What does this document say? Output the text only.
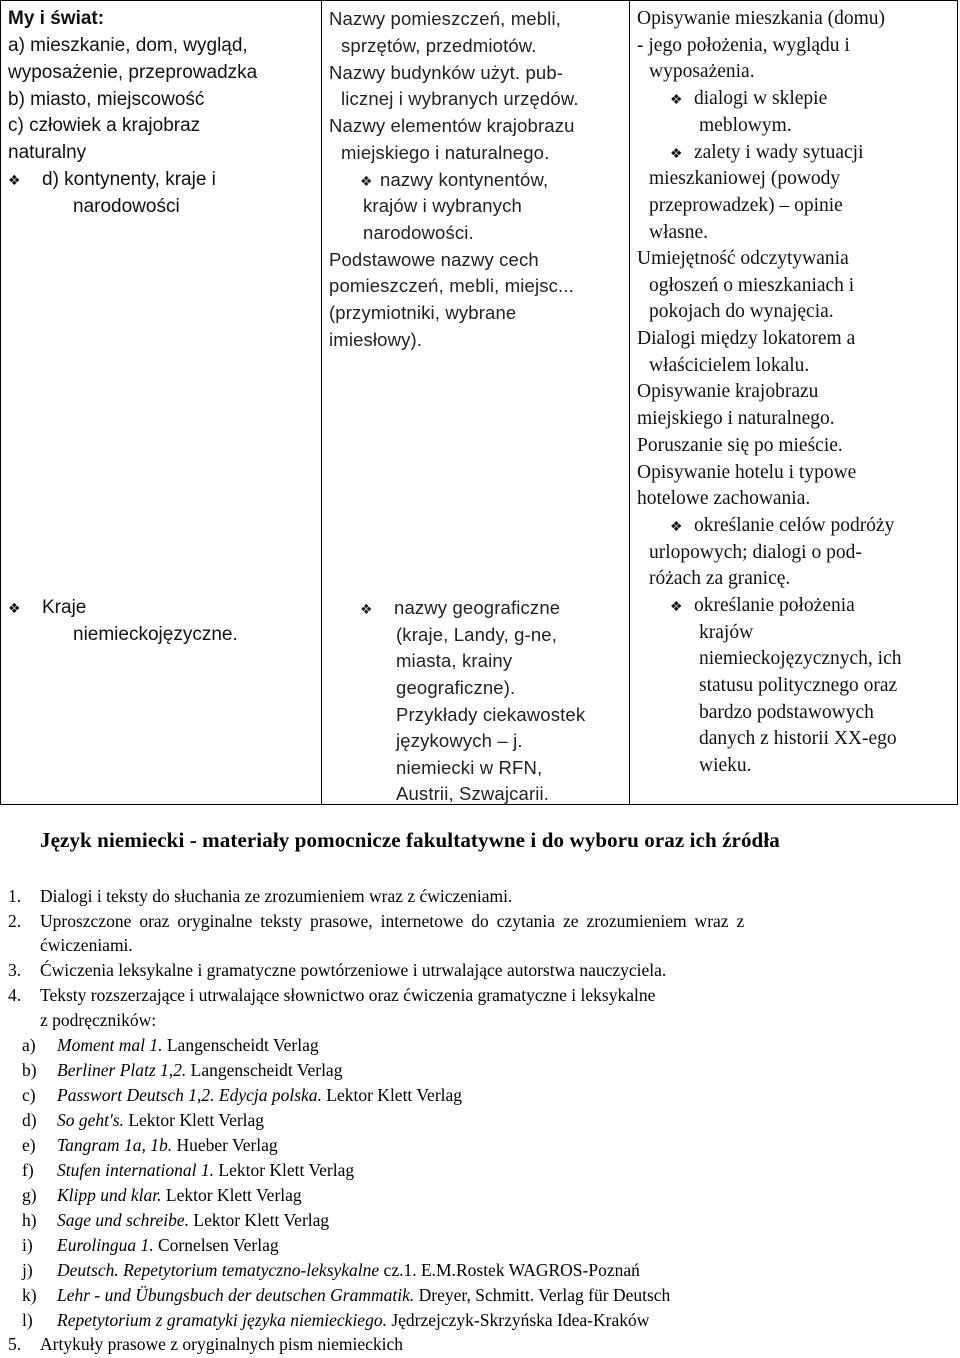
My i świat:
a) mieszkanie, dom, wygląd,
wyposażenie, przeprowadzka
b) miasto, miejscowość
c) człowiek a krajobraz
naturalny
❖ d) kontynenty, kraje i
narodowości
❖ Kraje
niemieckojęzyczne.
Nazwy pomieszczeń, mebli,
sprzętów, przedmiotów.
Nazwy budynków użyt. pub-
licznej i wybranych urzędów.
Nazwy elementów krajobrazu
miejskiego i naturalnego.
❖ nazwy kontynentów,
krajów i wybranych
narodowości.
Podstawowe nazwy cech
pomieszczeń, mebli, miejsc...
(przymiotniki, wybrane
imiesłowy).
❖ nazwy geograficzne
(kraje, Landy, g-ne,
miasta, krainy
geograficzne).
Przykłady ciekawostek
językowych – j.
niemiecki w RFN,
Austrii, Szwajcarii.
Opisywanie mieszkania (domu)
- jego położenia, wyglądu i
wyposażenia.
❖ dialogi w sklepie
meblowym.
❖ zalety i wady sytuacji
mieszkaniowej (powody
przeprowadzek) – opinie
własne.
Umiejętność odczytywania
ogłoszeń o mieszkaniach i
pokojach do wynajęcia.
Dialogi między lokatorem a
właścicielem lokalu.
Opisywanie krajobrazu
miejskiego i naturalnego.
Poruszanie się po mieście.
Opisywanie hotelu i typowe
hotelowe zachowania.
❖ określanie celów podróży
urlopowych; dialogi o pod-
różach za granicę.
❖ określanie położenia
krajów
niemieckojęzycznych, ich
statusu politycznego oraz
bardzo podstawowych
danych z historii XX-ego
wieku.
Język niemiecki - materiały pomocnicze fakultatywne i do wyboru oraz ich źródła
1. Dialogi i teksty do słuchania ze zrozumieniem wraz z ćwiczeniami.
2. Uproszczone oraz oryginalne teksty prasowe, internetowe do czytania ze zrozumieniem wraz z
ćwiczeniami.
3. Ćwiczenia leksykalne i gramatyczne powtórzeniowe i utrwalające autorstwa nauczyciela.
4. Teksty rozszerzające i utrwalające słownictwo oraz ćwiczenia gramatyczne i leksykalne
z podręczników:
a) Moment mal 1. Langenscheidt Verlag
b) Berliner Platz 1,2. Langenscheidt Verlag
c) Passwort Deutsch 1,2. Edycja polska. Lektor Klett Verlag
d) So geht's. Lektor Klett Verlag
e) Tangram 1a, 1b. Hueber Verlag
f) Stufen international 1. Lektor Klett Verlag
g) Klipp und klar. Lektor Klett Verlag
h) Sage und schreibe. Lektor Klett Verlag
i) Eurolingua 1. Cornelsen Verlag
j) Deutsch. Repetytorium tematyczno-leksykalne cz.1. E.M.Rostek WAGROS-Poznań
k) Lehr - und Übungsbuch der deutschen Grammatik. Dreyer, Schmitt. Verlag für Deutsch
l) Repetytorium z gramatyki języka niemieckiego. Jędrzejczyk-Skrzyńska Idea-Kraków
5. Artykuły prasowe z oryginalnych pism niemieckich
